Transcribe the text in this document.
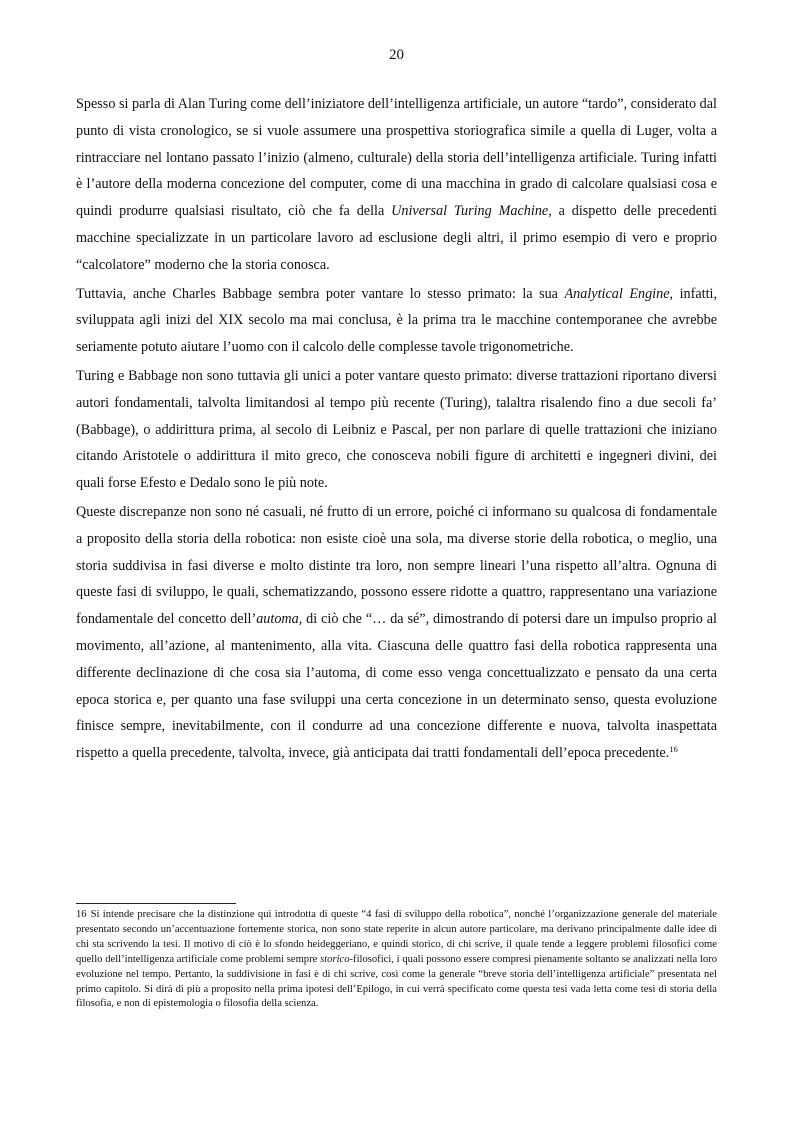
20

Spesso si parla di Alan Turing come dell’iniziatore dell’intelligenza artificiale, un autore “tardo”, considerato dal punto di vista cronologico, se si vuole assumere una prospettiva storiografica simile a quella di Luger, volta a rintracciare nel lontano passato l’inizio (almeno, culturale) della storia dell’intelligenza artificiale. Turing infatti è l’autore della moderna concezione del computer, come di una macchina in grado di calcolare qualsiasi cosa e quindi produrre qualsiasi risultato, ciò che fa della Universal Turing Machine, a dispetto delle precedenti macchine specializzate in un particolare lavoro ad esclusione degli altri, il primo esempio di vero e proprio “calcolatore” moderno che la storia conosca.

Tuttavia, anche Charles Babbage sembra poter vantare lo stesso primato: la sua Analytical Engine, infatti, sviluppata agli inizi del XIX secolo ma mai conclusa, è la prima tra le macchine contemporanee che avrebbe seriamente potuto aiutare l’uomo con il calcolo delle complesse tavole trigonometriche.

Turing e Babbage non sono tuttavia gli unici a poter vantare questo primato: diverse trattazioni riportano diversi autori fondamentali, talvolta limitandosi al tempo più recente (Turing), talaltra risalendo fino a due secoli fa’ (Babbage), o addirittura prima, al secolo di Leibniz e Pascal, per non parlare di quelle trattazioni che iniziano citando Aristotele o addirittura il mito greco, che conosceva nobili figure di architetti e ingegneri divini, dei quali forse Efesto e Dedalo sono le più note.

Queste discrepanze non sono né casuali, né frutto di un errore, poiché ci informano su qualcosa di fondamentale a proposito della storia della robotica: non esiste cioè una sola, ma diverse storie della robotica, o meglio, una storia suddivisa in fasi diverse e molto distinte tra loro, non sempre lineari l’una rispetto all’altra. Ognuna di queste fasi di sviluppo, le quali, schematizzando, possono essere ridotte a quattro, rappresentano una variazione fondamentale del concetto dell’automa, di ciò che “… da sé”, dimostrando di potersi dare un impulso proprio al movimento, all’azione, al mantenimento, alla vita. Ciascuna delle quattro fasi della robotica rappresenta una differente declinazione di che cosa sia l’automa, di come esso venga concettualizzato e pensato da una certa epoca storica e, per quanto una fase sviluppi una certa concezione in un determinato senso, questa evoluzione finisce sempre, inevitabilmente, con il condurre ad una concezione differente e nuova, talvolta inaspettata rispetto a quella precedente, talvolta, invece, già anticipata dai tratti fondamentali dell’epoca precedente.$^{16}$

16 Si intende precisare che la distinzione qui introdotta di queste “4 fasi di sviluppo della robotica”, nonché l’organizzazione generale del materiale presentato secondo un’accentuazione fortemente storica, non sono state reperite in alcun autore particolare, ma derivano principalmente dalle idee di chi sta scrivendo la tesi. Il motivo di ciò è lo sfondo heideggeriano, e quindi storico, di chi scrive, il quale tende a leggere problemi filosofici come quello dell’intelligenza artificiale come problemi sempre storico-filosofici, i quali possono essere compresi pienamente soltanto se analizzati nella loro evoluzione nel tempo. Pertanto, la suddivisione in fasi è di chi scrive, così come la generale “breve storia dell’intelligenza artificiale” presentata nel primo capitolo. Si dirà di più a proposito nella prima ipotesi dell’Epilogo, in cui verrà specificato come questa tesi vada letta come tesi di storia della filosofia, e non di epistemologia o filosofia della scienza.
